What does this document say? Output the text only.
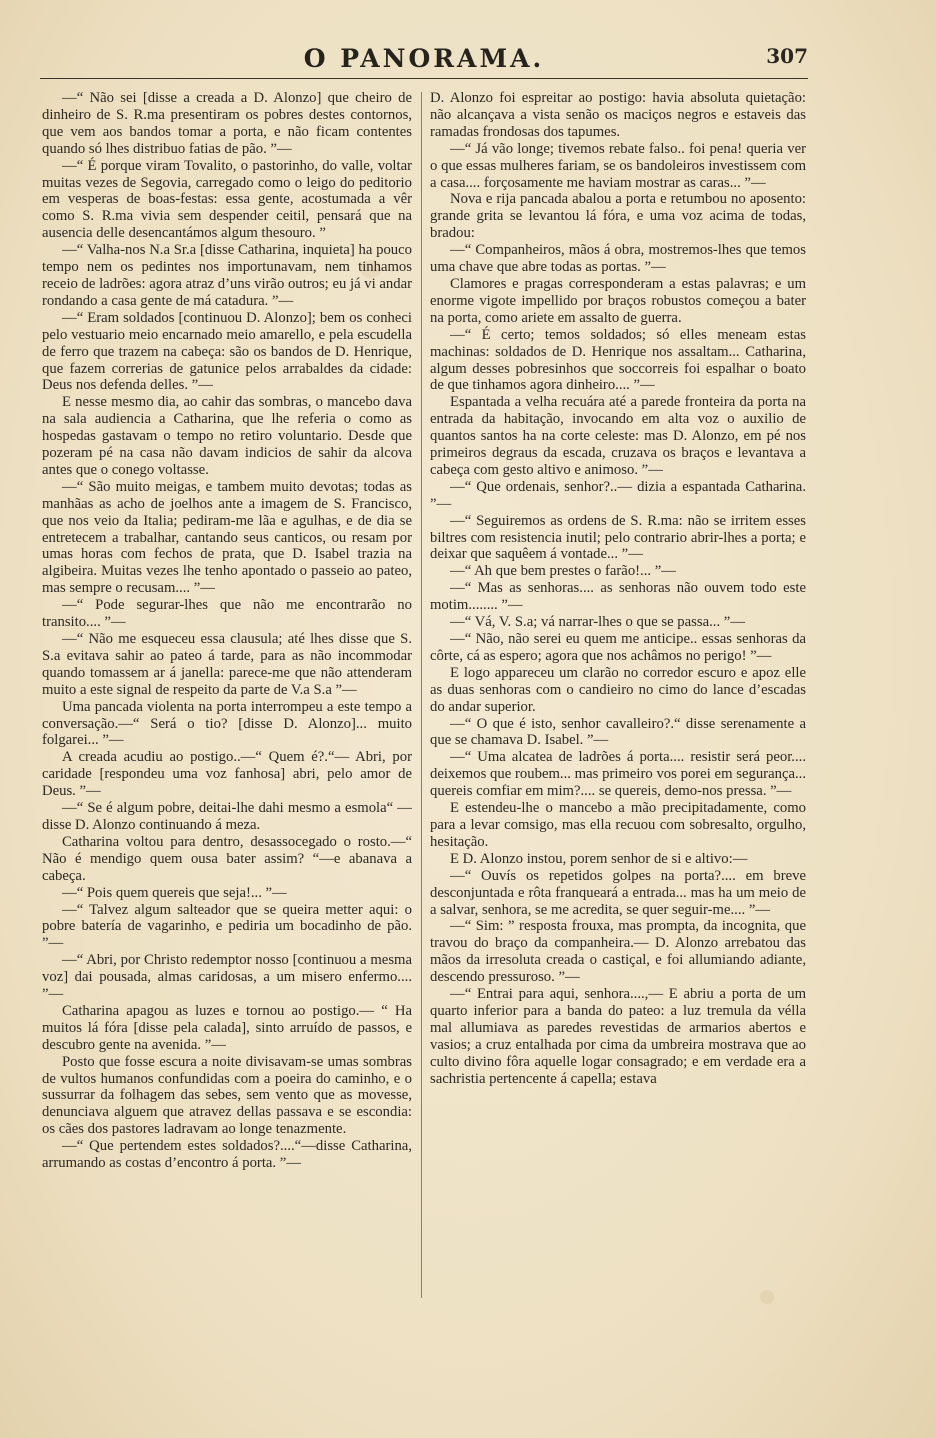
O PANORAMA.	307

—“ Não sei [disse a creada a D. Alonzo] que cheiro de dinheiro de S. R.ma presentiram os pobres destes contornos, que vem aos bandos tomar a porta, e não ficam contentes quando só lhes distribuo fatias de pão. ”—

—“ É porque viram Tovalito, o pastorinho, do valle, voltar muitas vezes de Segovia, carregado como o leigo do peditorio em vesperas de boas-festas: essa gente, acostumada a vêr como S. R.ma vivia sem despender ceitil, pensará que na ausencia delle desencantámos algum thesouro. ”

—“ Valha-nos N.a Sr.a [disse Catharina, inquieta] ha pouco tempo nem os pedintes nos importunavam, nem tinhamos receio de ladrões: agora atraz d’uns virão outros; eu já vi andar rondando a casa gente de má catadura. ”—

—“ Eram soldados [continuou D. Alonzo]; bem os conheci pelo vestuario meio encarnado meio amarello, e pela escudella de ferro que trazem na cabeça: são os bandos de D. Henrique, que fazem correrias de gatunice pelos arrabaldes da cidade: Deus nos defenda delles. ”—

E nesse mesmo dia, ao cahir das sombras, o mancebo dava na sala audiencia a Catharina, que lhe referia o como as hospedas gastavam o tempo no retiro voluntario. Desde que pozeram pé na casa não davam indicios de sahir da alcova antes que o conego voltasse.

—“ São muito meigas, e tambem muito devotas; todas as manhãas as acho de joelhos ante a imagem de S. Francisco, que nos veio da Italia; pediram-me lãa e agulhas, e de dia se entretecem a trabalhar, cantando seus canticos, ou resam por umas horas com fechos de prata, que D. Isabel trazia na algibeira. Muitas vezes lhe tenho apontado o passeio ao pateo, mas sempre o recusam.... ”—

—“ Pode segurar-lhes que não me encontrarão no transito.... ”—

—“ Não me esqueceu essa clausula; até lhes disse que S. S.a evitava sahir ao pateo á tarde, para as não incommodar quando tomassem ar á janella: parece-me que não attenderam muito a este signal de respeito da parte de V.a S.a ”—

Uma pancada violenta na porta interrompeu a este tempo a conversação.—“ Será o tio? [disse D. Alonzo]... muito folgarei... ”—

A creada acudiu ao postigo..—“ Quem é?.“— Abri, por caridade [respondeu uma voz fanhosa] abri, pelo amor de Deus. ”—

—“ Se é algum pobre, deitai-lhe dahi mesmo a esmola“ —disse D. Alonzo continuando á meza.

Catharina voltou para dentro, desassocegado o rosto.—“ Não é mendigo quem ousa bater assim? “—e abanava a cabeça.

—“ Pois quem quereis que seja!... ”—

—“ Talvez algum salteador que se queira metter aqui: o pobre batería de vagarinho, e pediria um bocadinho de pão. ”—

—“ Abri, por Christo redemptor nosso [continuou a mesma voz] dai pousada, almas caridosas, a um misero enfermo.... ”—

Catharina apagou as luzes e tornou ao postigo.— “ Ha muitos lá fóra [disse pela calada], sinto arruído de passos, e descubro gente na avenida. ”—

Posto que fosse escura a noite divisavam-se umas sombras de vultos humanos confundidas com a poeira do caminho, e o sussurrar da folhagem das sebes, sem vento que as movesse, denunciava alguem que atravez dellas passava e se escondia: os cães dos pastores ladravam ao longe tenazmente.

—“ Que pertendem estes soldados?....“—disse Catharina, arrumando as costas d’encontro á porta. ”—

D. Alonzo foi espreitar ao postigo: havia absoluta quietação: não alcançava a vista senão os maciços negros e estaveis das ramadas frondosas dos tapumes.

—“ Já vão longe; tivemos rebate falso.. foi pena! queria ver o que essas mulheres fariam, se os bandoleiros investissem com a casa.... forçosamente me haviam mostrar as caras... ”—

Nova e rija pancada abalou a porta e retumbou no aposento: grande grita se levantou lá fóra, e uma voz acima de todas, bradou:

—“ Companheiros, mãos á obra, mostremos-lhes que temos uma chave que abre todas as portas. ”—

Clamores e pragas corresponderam a estas palavras; e um enorme vigote impellido por braços robustos começou a bater na porta, como ariete em assalto de guerra.

—“ É certo; temos soldados; só elles meneam estas machinas: soldados de D. Henrique nos assaltam... Catharina, algum desses pobresinhos que soccorreis foi espalhar o boato de que tinhamos agora dinheiro.... ”—

Espantada a velha recuára até a parede fronteira da porta na entrada da habitação, invocando em alta voz o auxilio de quantos santos ha na corte celeste: mas D. Alonzo, em pé nos primeiros degraus da escada, cruzava os braços e levantava a cabeça com gesto altivo e animoso. ”—

—“ Que ordenais, senhor?..— dizia a espantada Catharina. ”—

—“ Seguiremos as ordens de S. R.ma: não se irritem esses biltres com resistencia inutil; pelo contrario abrir-lhes a porta; e deixar que saquêem á vontade... ”—

—“ Ah que bem prestes o farão!... ”—

—“ Mas as senhoras.... as senhoras não ouvem todo este motim........ ”—

—“ Vá, V. S.a; vá narrar-lhes o que se passa... ”—

—“ Não, não serei eu quem me anticipe.. essas senhoras da côrte, cá as espero; agora que nos achâmos no perigo! ”—

E logo appareceu um clarão no corredor escuro e apoz elle as duas senhoras com o candieiro no cimo do lance d’escadas do andar superior.

—“ O que é isto, senhor cavalleiro?.“ disse serenamente a que se chamava D. Isabel. ”—

—“ Uma alcatea de ladrões á porta.... resistir será peor.... deixemos que roubem... mas primeiro vos porei em segurança... quereis comfiar em mim?.... se quereis, demo-nos pressa. ”—

E estendeu-lhe o mancebo a mão precipitadamente, como para a levar comsigo, mas ella recuou com sobresalto, orgulho, hesitação.

E D. Alonzo instou, porem senhor de si e altivo:—

—“ Ouvís os repetidos golpes na porta?.... em breve desconjuntada e rôta franqueará a entrada... mas ha um meio de a salvar, senhora, se me acredita, se quer seguir-me.... ”—

—“ Sim: ” resposta frouxa, mas prompta, da incognita, que travou do braço da companheira.— D. Alonzo arrebatou das mãos da irresoluta creada o castiçal, e foi allumiando adiante, descendo pressuroso. ”—

—“ Entrai para aqui, senhora....,— E abriu a porta de um quarto inferior para a banda do pateo: a luz tremula da vélla mal allumiava as paredes revestidas de armarios abertos e vasios; a cruz entalhada por cima da umbreira mostrava que ao culto divino fôra aquelle logar consagrado; e em verdade era a sachristia pertencente á capella; estava
